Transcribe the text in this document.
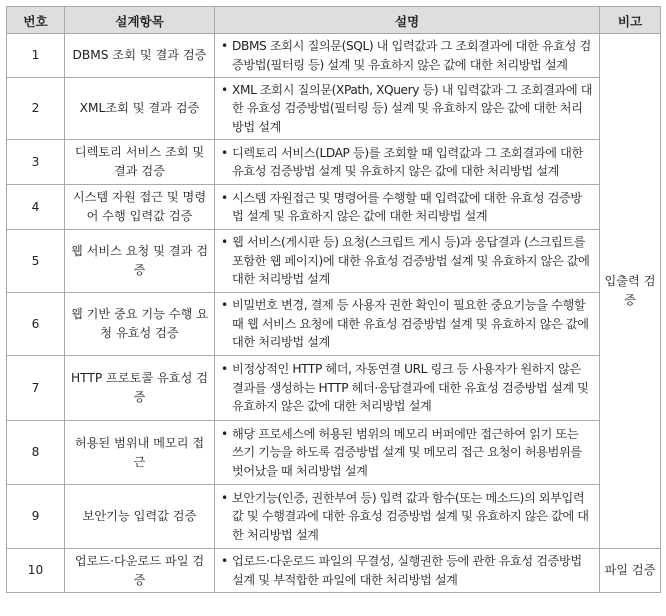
번호	설계항목	설명	비고
1	DBMS 조회 및 결과 검증	• DBMS 조회시 질의문(SQL) 내 입력값과 그 조회결과에 대한 유효성 검증방법(필터링 등) 설계 및 유효하지 않은 값에 대한 처리방법 설계	입출력 검증
2	XML조회 및 결과 검증	• XML 조회시 질의문(XPath, XQuery 등) 내 입력값과 그 조회결과에 대한 유효성 검증방법(필터링 등) 설계 및 유효하지 않은 값에 대한 처리방법 설계

3	디렉토리 서비스 조회 및 결과 검증	• 디렉토리 서비스(LDAP 등)를 조회할 때 입력값과 그 조회결과에 대한 유효성 검증방법 설계 및 유효하지 않은 값에 대한 처리방법 설계

4	시스템 자원 접근 및 명령어 수행 입력값 검증	• 시스템 자원접근 및 명령어를 수행할 때 입력값에 대한 유효성 검증방법 설계 및 유효하지 않은 값에 대한 처리방법 설계

5	웹 서비스 요청 및 결과 검증	• 웹 서비스(게시판 등) 요청(스크립트 게시 등)과 응답결과 (스크립트를 포함한 웹 페이지)에 대한 유효성 검증방법 설계 및 유효하지 않은 값에 대한 처리방법 설계

6	웹 기반 중요 기능 수행 요청 유효성 검증	• 비밀번호 변경, 결제 등 사용자 권한 확인이 필요한 중요기능을 수행할 때 웹 서비스 요청에 대한 유효성 검증방법 설계 및 유효하지 않은 값에 대한 처리방법 설계

7	HTTP 프로토콜 유효성 검증	• 비정상적인 HTTP 헤더, 자동연결 URL 링크 등 사용자가 원하지 않은 결과를 생성하는 HTTP 헤더·응답결과에 대한 유효성 검증방법 설계 및 유효하지 않은 값에 대한 처리방법 설계

8	허용된 범위내 메모리 접근	• 해당 프로세스에 허용된 범위의 메모리 버퍼에만 접근하여 읽기 또는 쓰기 기능을 하도록 검증방법 설계 및 메모리 접근 요청이 허용범위를 벗어났을 때 처리방법 설계

9	보안기능 입력값 검증	• 보안기능(인증, 권한부여 등) 입력 값과 함수(또는 메소드)의 외부입력 값 및 수행결과에 대한 유효성 검증방법 설계 및 유효하지 않은 값에 대한 처리방법 설계

10	업로드·다운로드 파일 검증	• 업로드·다운로드 파일의 무결성, 실행권한 등에 관한 유효성 검증방법 설계 및 부적합한 파일에 대한 처리방법 설계	파일 검증
